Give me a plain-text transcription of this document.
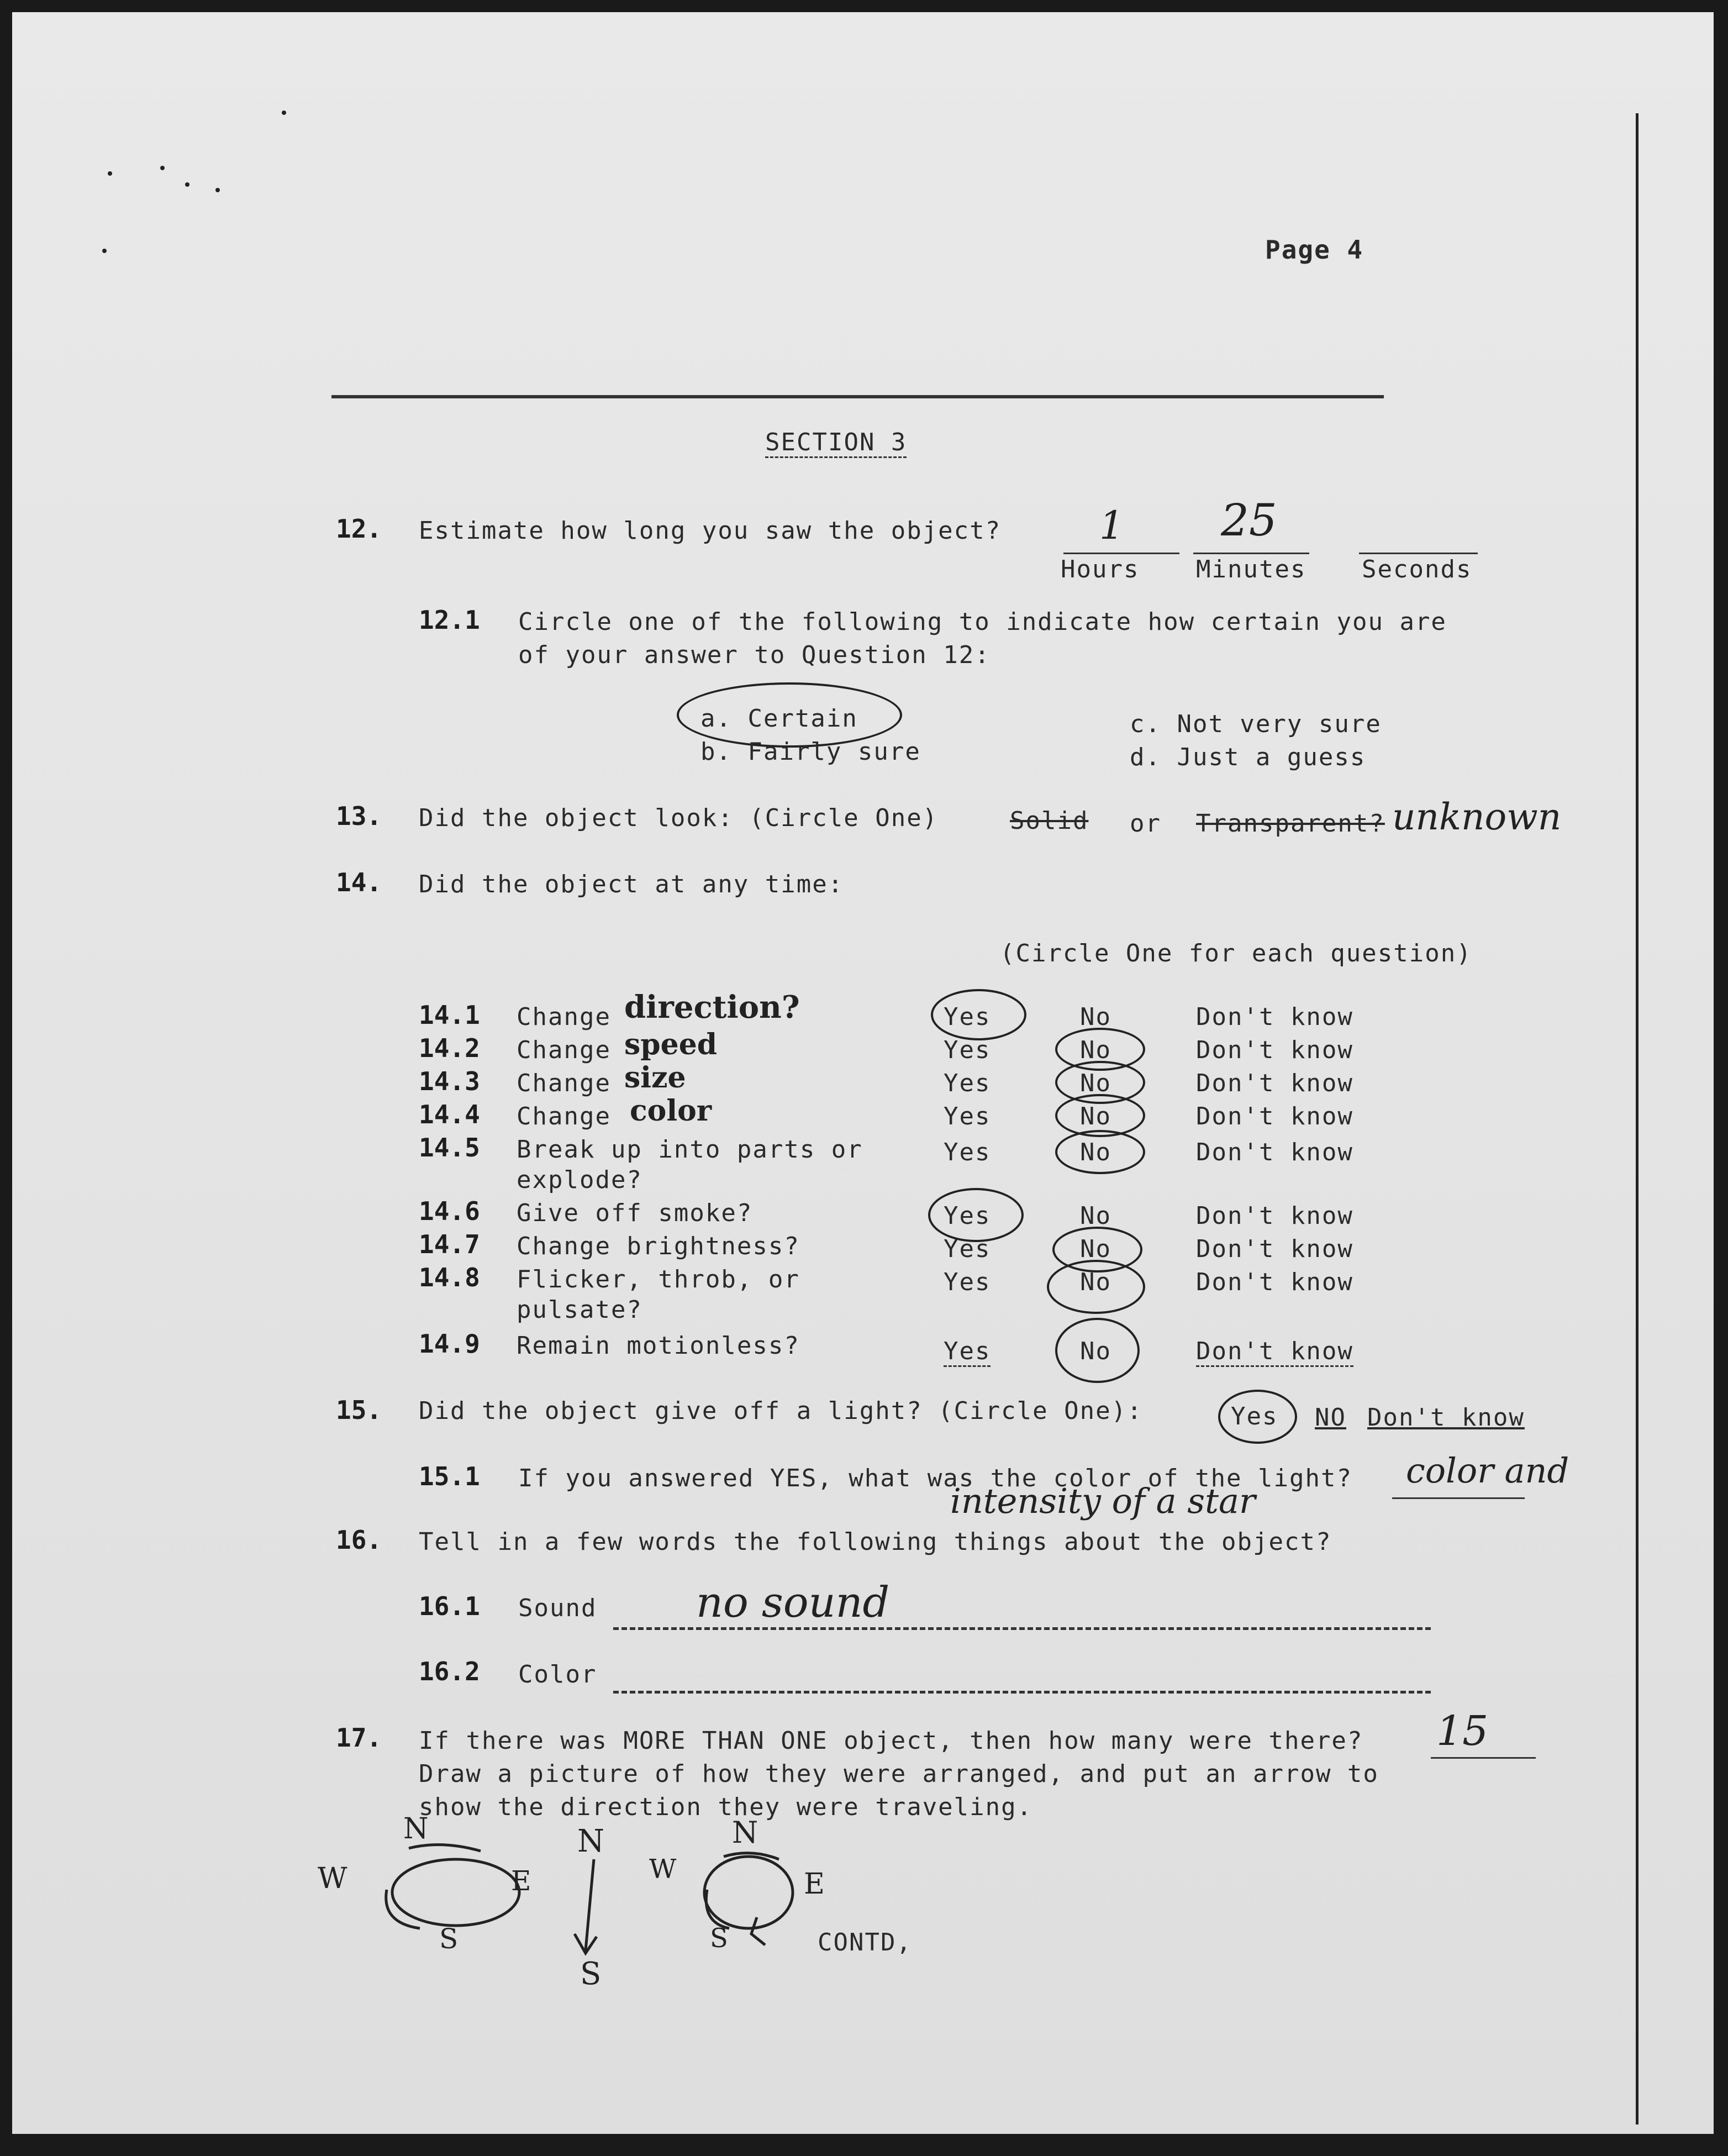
Page 4
SECTION 3
12. Estimate how long you saw the object?	1 25
Hours Minutes Seconds
12.1 Circle one of the following to indicate how certain you are
of your answer to Question 12:
a. Certain
b. Fairly sure
c. Not very sure
d. Just a guess
13. Did the object look: (Circle One)	Solid or Transparent? unknown
14. Did the object at any time:
(Circle One for each question)
14.1 Change direction?	Yes	No	Don't know
14.2 Change speed	Yes	No	Don't know
14.3 Change size	Yes	No	Don't know
14.4 Change color	Yes	No	Don't know
14.5 Break up into parts or
explode?
Yes	No	Don't know
14.6 Give off smoke?	Yes	No	Don't know
14.7 Change brightness?	Yes	No	Don't know
14.8 Flicker, throb, or
pulsate?
Yes	No	Don't know
14.9 Remain motionless?	Yes	No	Don't know
15. Did the object give off a light? (Circle One):	Yes NO Don't know
15.1 If you answered YES, what was the color of the light? color and
intensity of a star
16. Tell in a few words the following things about the object?
16.1 Sound no sound
16.2 Color
17. If there was MORE THAN ONE object, then how many were there? 15
Draw a picture of how they were arranged, and put an arrow to
show the direction they were traveling.
N
W	E
S
N
S
N
W	E
S	CONTD,
